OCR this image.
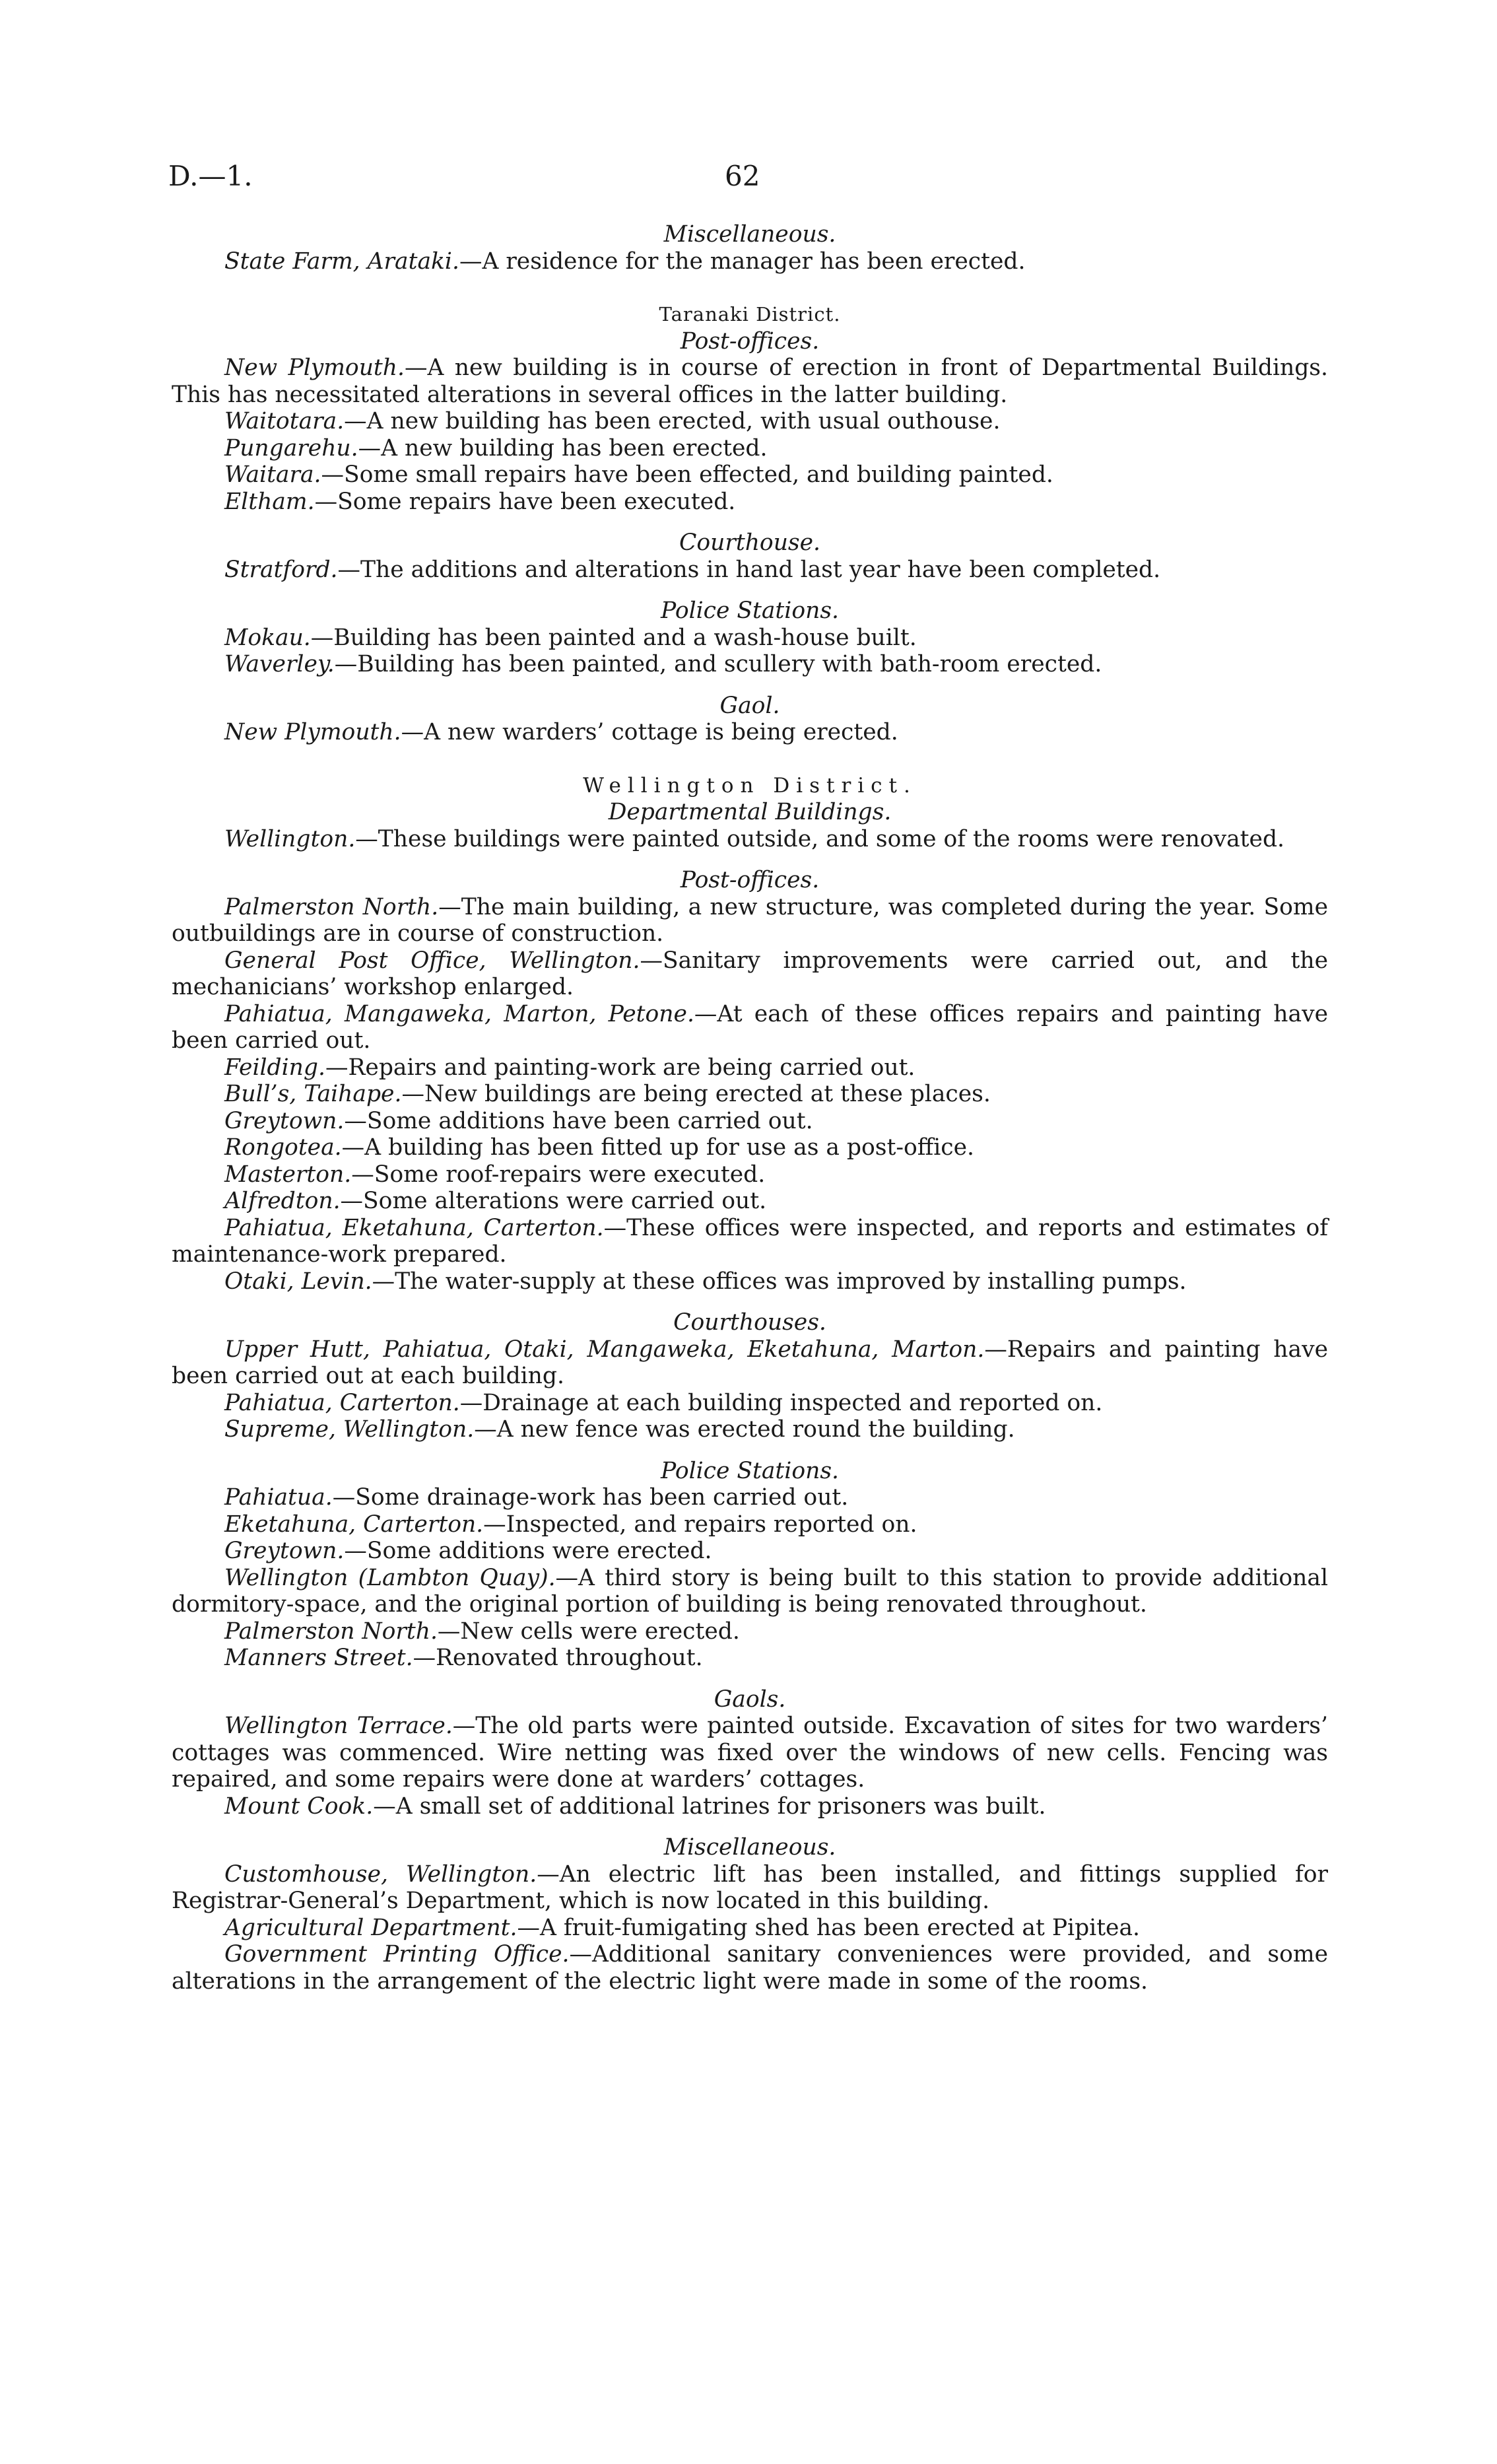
D.—1.	62

Miscellaneous.

State Farm, Arataki.—A residence for the manager has been erected.

Taranaki District.

Post-offices.

New Plymouth.—A new building is in course of erection in front of Departmental Buildings. This has necessitated alterations in several offices in the latter building.

Waitotara.—A new building has been erected, with usual outhouse.

Pungarehu.—A new building has been erected.

Waitara.—Some small repairs have been effected, and building painted.

Eltham.—Some repairs have been executed.

Courthouse.

Stratford.—The additions and alterations in hand last year have been completed.

Police Stations.

Mokau.—Building has been painted and a wash-house built.

Waverley.—Building has been painted, and scullery with bath-room erected.

Gaol.

New Plymouth.—A new warders’ cottage is being erected.

Wellington District.

Departmental Buildings.

Wellington.—These buildings were painted outside, and some of the rooms were renovated.

Post-offices.

Palmerston North.—The main building, a new structure, was completed during the year. Some outbuildings are in course of construction.

General Post Office, Wellington.—Sanitary improvements were carried out, and the mechanicians’ workshop enlarged.

Pahiatua, Mangaweka, Marton, Petone.—At each of these offices repairs and painting have been carried out.

Feilding.—Repairs and painting-work are being carried out.

Bull’s, Taihape.—New buildings are being erected at these places.

Greytown.—Some additions have been carried out.

Rongotea.—A building has been fitted up for use as a post-office.

Masterton.—Some roof-repairs were executed.

Alfredton.—Some alterations were carried out.

Pahiatua, Eketahuna, Carterton.—These offices were inspected, and reports and estimates of maintenance-work prepared.

Otaki, Levin.—The water-supply at these offices was improved by installing pumps.

Courthouses.

Upper Hutt, Pahiatua, Otaki, Mangaweka, Eketahuna, Marton.—Repairs and painting have been carried out at each building.

Pahiatua, Carterton.—Drainage at each building inspected and reported on.

Supreme, Wellington.—A new fence was erected round the building.

Police Stations.

Pahiatua.—Some drainage-work has been carried out.

Eketahuna, Carterton.—Inspected, and repairs reported on.

Greytown.—Some additions were erected.

Wellington (Lambton Quay).—A third story is being built to this station to provide additional dormitory-space, and the original portion of building is being renovated throughout.

Palmerston North.—New cells were erected.

Manners Street.—Renovated throughout.

Gaols.

Wellington Terrace.—The old parts were painted outside. Excavation of sites for two warders’ cottages was commenced. Wire netting was fixed over the windows of new cells. Fencing was repaired, and some repairs were done at warders’ cottages.

Mount Cook.—A small set of additional latrines for prisoners was built.

Miscellaneous.

Customhouse, Wellington.—An electric lift has been installed, and fittings supplied for Registrar-General’s Department, which is now located in this building.

Agricultural Department.—A fruit-fumigating shed has been erected at Pipitea.

Government Printing Office.—Additional sanitary conveniences were provided, and some alterations in the arrangement of the electric light were made in some of the rooms.
